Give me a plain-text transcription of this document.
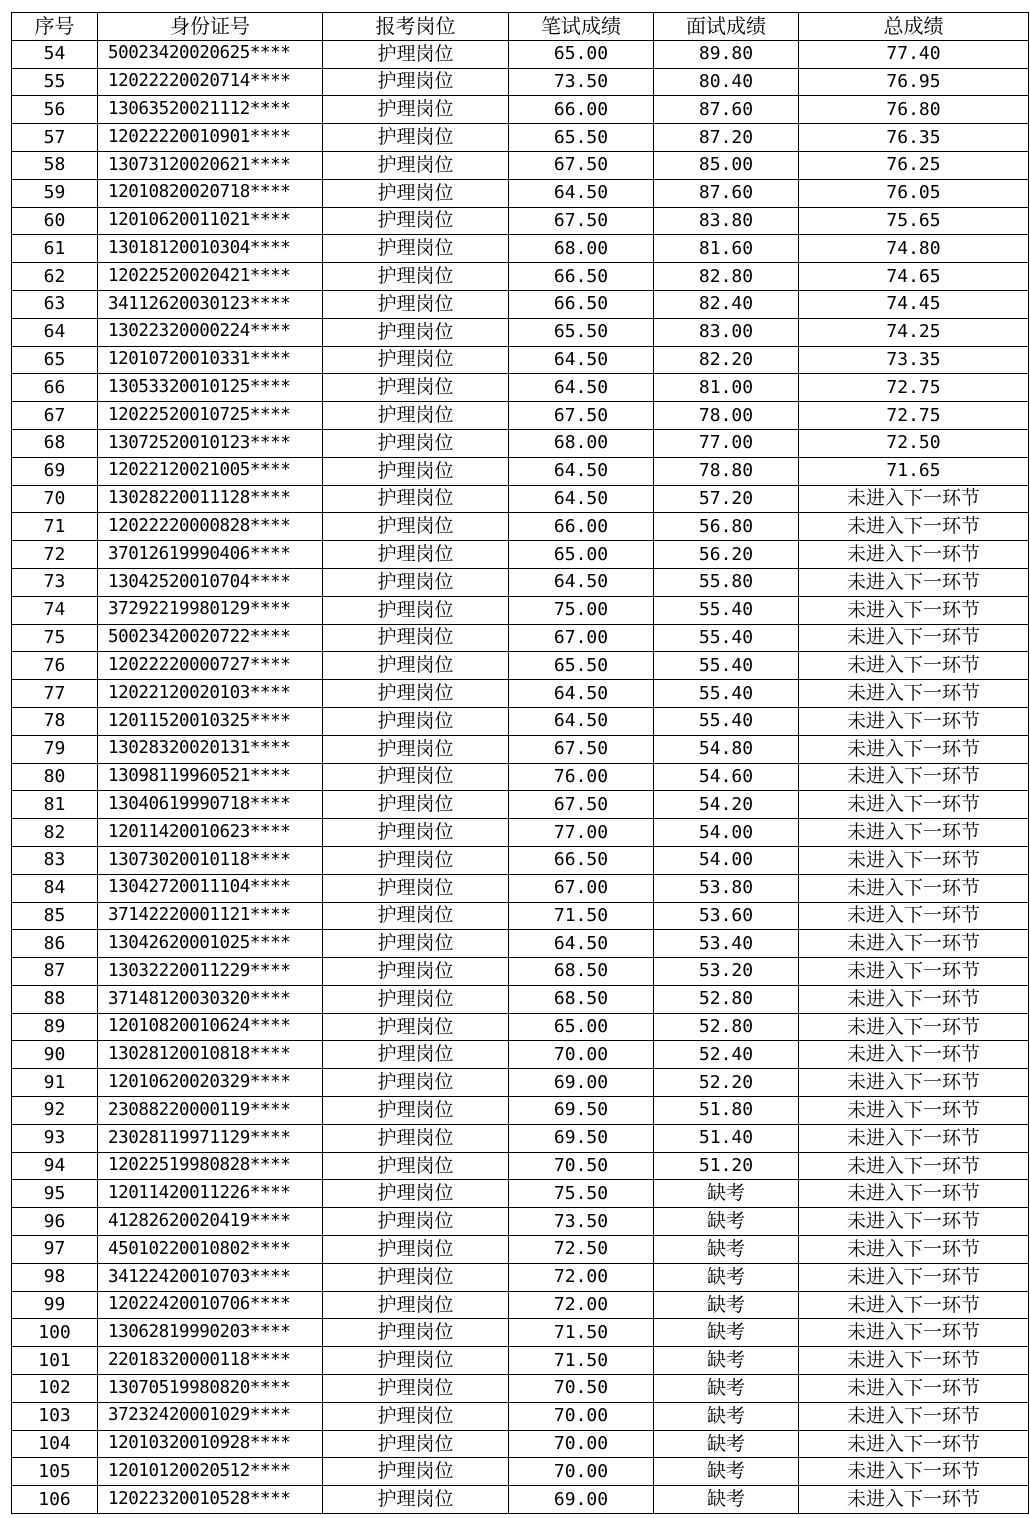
序号	身份证号	报考岗位	笔试成绩	面试成绩	总成绩
54	50023420020625****	护理岗位	65.00	89.80	77.40
55	12022220020714****	护理岗位	73.50	80.40	76.95
56	13063520021112****	护理岗位	66.00	87.60	76.80
57	12022220010901****	护理岗位	65.50	87.20	76.35
58	13073120020621****	护理岗位	67.50	85.00	76.25
59	12010820020718****	护理岗位	64.50	87.60	76.05
60	12010620011021****	护理岗位	67.50	83.80	75.65
61	13018120010304****	护理岗位	68.00	81.60	74.80
62	12022520020421****	护理岗位	66.50	82.80	74.65
63	34112620030123****	护理岗位	66.50	82.40	74.45
64	13022320000224****	护理岗位	65.50	83.00	74.25
65	12010720010331****	护理岗位	64.50	82.20	73.35
66	13053320010125****	护理岗位	64.50	81.00	72.75
67	12022520010725****	护理岗位	67.50	78.00	72.75
68	13072520010123****	护理岗位	68.00	77.00	72.50
69	12022120021005****	护理岗位	64.50	78.80	71.65
70	13028220011128****	护理岗位	64.50	57.20	未进入下一环节
71	12022220000828****	护理岗位	66.00	56.80	未进入下一环节
72	37012619990406****	护理岗位	65.00	56.20	未进入下一环节
73	13042520010704****	护理岗位	64.50	55.80	未进入下一环节
74	37292219980129****	护理岗位	75.00	55.40	未进入下一环节
75	50023420020722****	护理岗位	67.00	55.40	未进入下一环节
76	12022220000727****	护理岗位	65.50	55.40	未进入下一环节
77	12022120020103****	护理岗位	64.50	55.40	未进入下一环节
78	12011520010325****	护理岗位	64.50	55.40	未进入下一环节
79	13028320020131****	护理岗位	67.50	54.80	未进入下一环节
80	13098119960521****	护理岗位	76.00	54.60	未进入下一环节
81	13040619990718****	护理岗位	67.50	54.20	未进入下一环节
82	12011420010623****	护理岗位	77.00	54.00	未进入下一环节
83	13073020010118****	护理岗位	66.50	54.00	未进入下一环节
84	13042720011104****	护理岗位	67.00	53.80	未进入下一环节
85	37142220001121****	护理岗位	71.50	53.60	未进入下一环节
86	13042620001025****	护理岗位	64.50	53.40	未进入下一环节
87	13032220011229****	护理岗位	68.50	53.20	未进入下一环节
88	37148120030320****	护理岗位	68.50	52.80	未进入下一环节
89	12010820010624****	护理岗位	65.00	52.80	未进入下一环节
90	13028120010818****	护理岗位	70.00	52.40	未进入下一环节
91	12010620020329****	护理岗位	69.00	52.20	未进入下一环节
92	23088220000119****	护理岗位	69.50	51.80	未进入下一环节
93	23028119971129****	护理岗位	69.50	51.40	未进入下一环节
94	12022519980828****	护理岗位	70.50	51.20	未进入下一环节
95	12011420011226****	护理岗位	75.50	缺考	未进入下一环节
96	41282620020419****	护理岗位	73.50	缺考	未进入下一环节
97	45010220010802****	护理岗位	72.50	缺考	未进入下一环节
98	34122420010703****	护理岗位	72.00	缺考	未进入下一环节
99	12022420010706****	护理岗位	72.00	缺考	未进入下一环节
100	13062819990203****	护理岗位	71.50	缺考	未进入下一环节
101	22018320000118****	护理岗位	71.50	缺考	未进入下一环节
102	13070519980820****	护理岗位	70.50	缺考	未进入下一环节
103	37232420001029****	护理岗位	70.00	缺考	未进入下一环节
104	12010320010928****	护理岗位	70.00	缺考	未进入下一环节
105	12010120020512****	护理岗位	70.00	缺考	未进入下一环节
106	12022320010528****	护理岗位	69.00	缺考	未进入下一环节
